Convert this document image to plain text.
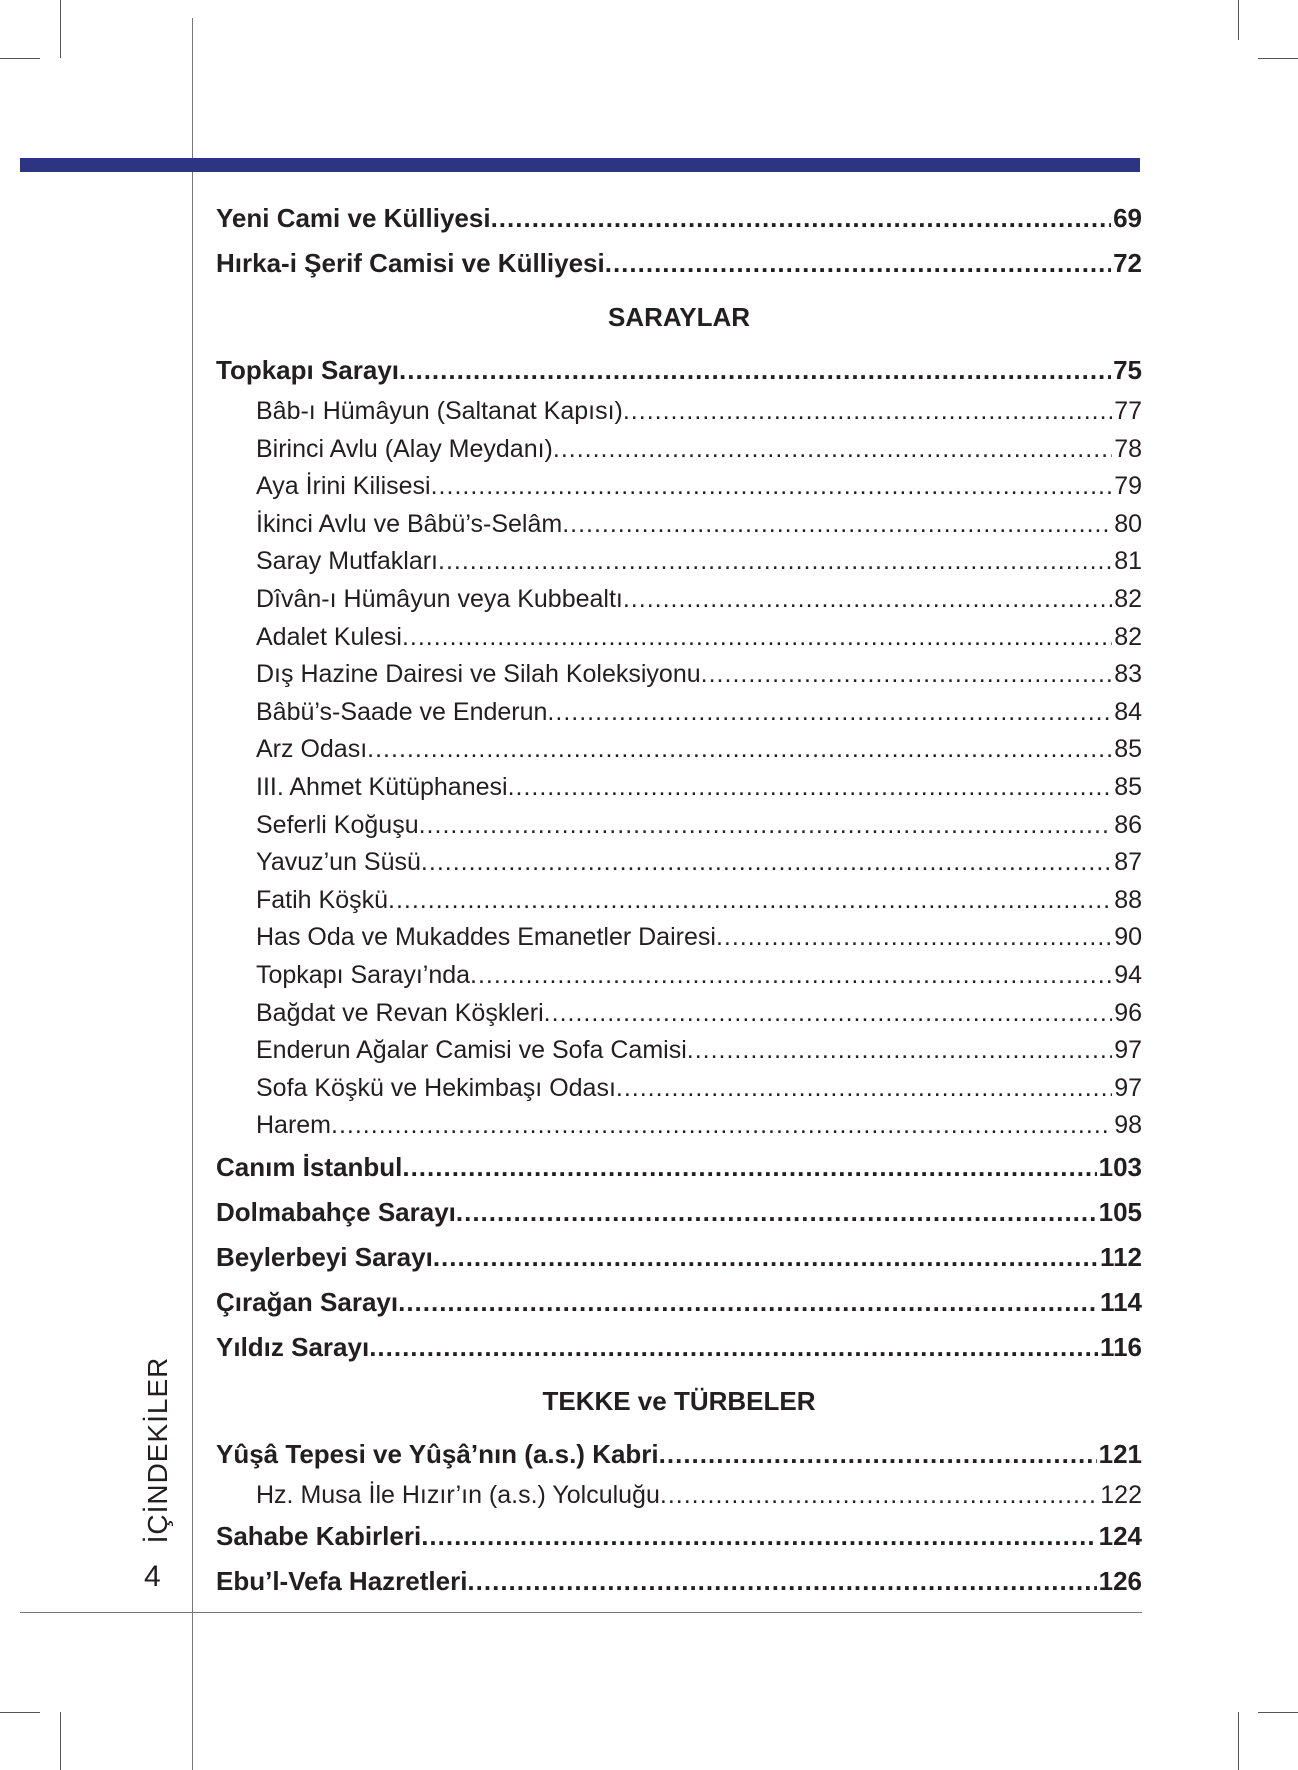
İÇİNDEKİLER
4
Yeni Cami ve Külliyesi .....	69
Hırka-i Şerif Camisi ve Külliyesi .....	72
SARAYLAR
Topkapı Sarayı .....	75
Bâb-ı Hümâyun (Saltanat Kapısı) .....	77
Birinci Avlu (Alay Meydanı) .....	78
Aya İrini Kilisesi .....	79
İkinci Avlu ve Bâbü’s-Selâm .....	80
Saray Mutfakları .....	81
Dîvân-ı Hümâyun veya Kubbealtı .....	82
Adalet Kulesi .....	82
Dış Hazine Dairesi ve Silah Koleksiyonu .....	83
Bâbü’s-Saade ve Enderun .....	84
Arz Odası .....	85
III. Ahmet Kütüphanesi .....	85
Seferli Koğuşu .....	86
Yavuz’un Süsü .....	87
Fatih Köşkü .....	88
Has Oda ve Mukaddes Emanetler Dairesi .....	90
Topkapı Sarayı’nda .....	94
Bağdat ve Revan Köşkleri .....	96
Enderun Ağalar Camisi ve Sofa Camisi .....	97
Sofa Köşkü ve Hekimbaşı Odası .....	97
Harem .....	98
Canım İstanbul .....	103
Dolmabahçe Sarayı .....	105
Beylerbeyi Sarayı .....	112
Çırağan Sarayı .....	114
Yıldız Sarayı .....	116
TEKKE ve TÜRBELER
Yûşâ Tepesi ve Yûşâ’nın (a.s.) Kabri .....	121
Hz. Musa İle Hızır’ın (a.s.) Yolculuğu .....	122
Sahabe Kabirleri .....	124
Ebu’l-Vefa Hazretleri .....	126
